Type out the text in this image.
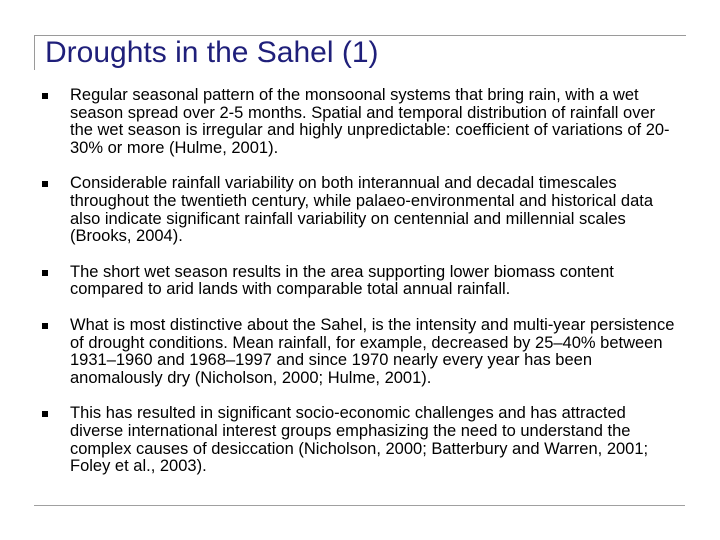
Droughts in the Sahel (1)
Regular seasonal pattern of the monsoonal systems that bring rain, with a wet season spread over 2-5 months. Spatial and temporal distribution of rainfall over the wet season is irregular and highly unpredictable: coefficient of variations of 20-30% or more (Hulme, 2001).
Considerable rainfall variability on both interannual and decadal timescales throughout the twentieth century, while palaeo-environmental and historical data also indicate significant rainfall variability on centennial and millennial scales (Brooks, 2004).
The short wet season results in the area supporting lower biomass content compared to arid lands with comparable total annual rainfall.
What is most distinctive about the Sahel, is the intensity and multi-year persistence of drought conditions. Mean rainfall, for example, decreased by 25–40% between 1931–1960 and 1968–1997 and since 1970 nearly every year has been anomalously dry (Nicholson, 2000; Hulme, 2001).
This has resulted in significant socio-economic challenges and has attracted diverse international interest groups emphasizing the need to understand the complex causes of desiccation (Nicholson, 2000; Batterbury and Warren, 2001; Foley et al., 2003).
